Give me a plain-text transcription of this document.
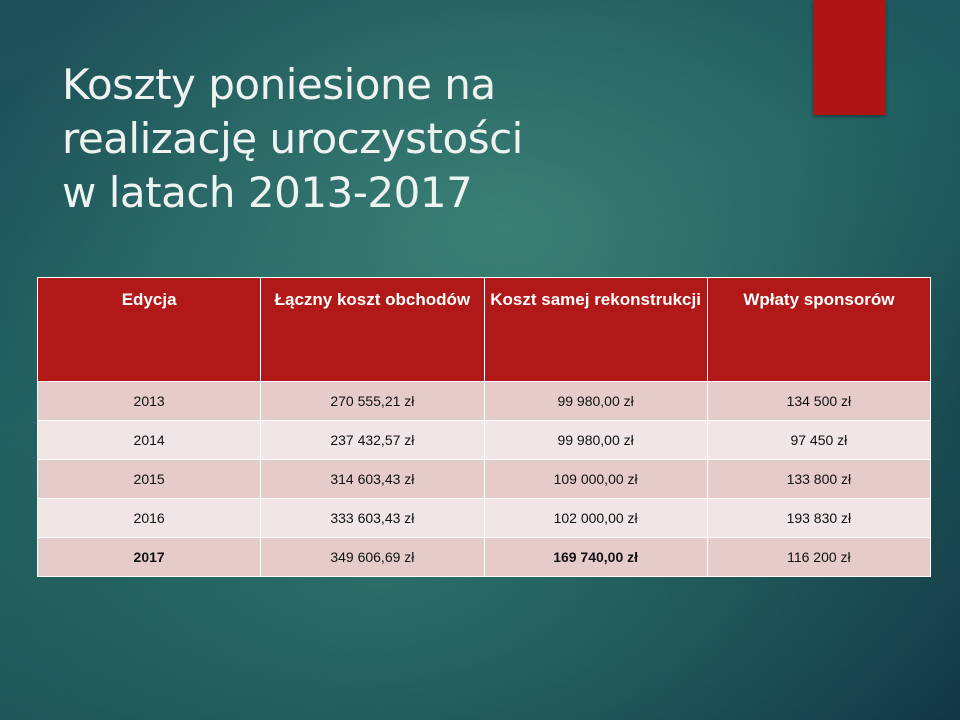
Koszty poniesione na
realizację uroczystości
w latach 2013-2017
Edycja	Łączny koszt obchodów	Koszt samej rekonstrukcji	Wpłaty sponsorów
2013	270 555,21 zł	99 980,00 zł	134 500 zł
2014	237 432,57 zł	99 980,00 zł	97 450 zł
2015	314 603,43 zł	109 000,00 zł	133 800 zł
2016	333 603,43 zł	102 000,00 zł	193 830 zł
2017	349 606,69 zł	169 740,00 zł	116 200 zł
